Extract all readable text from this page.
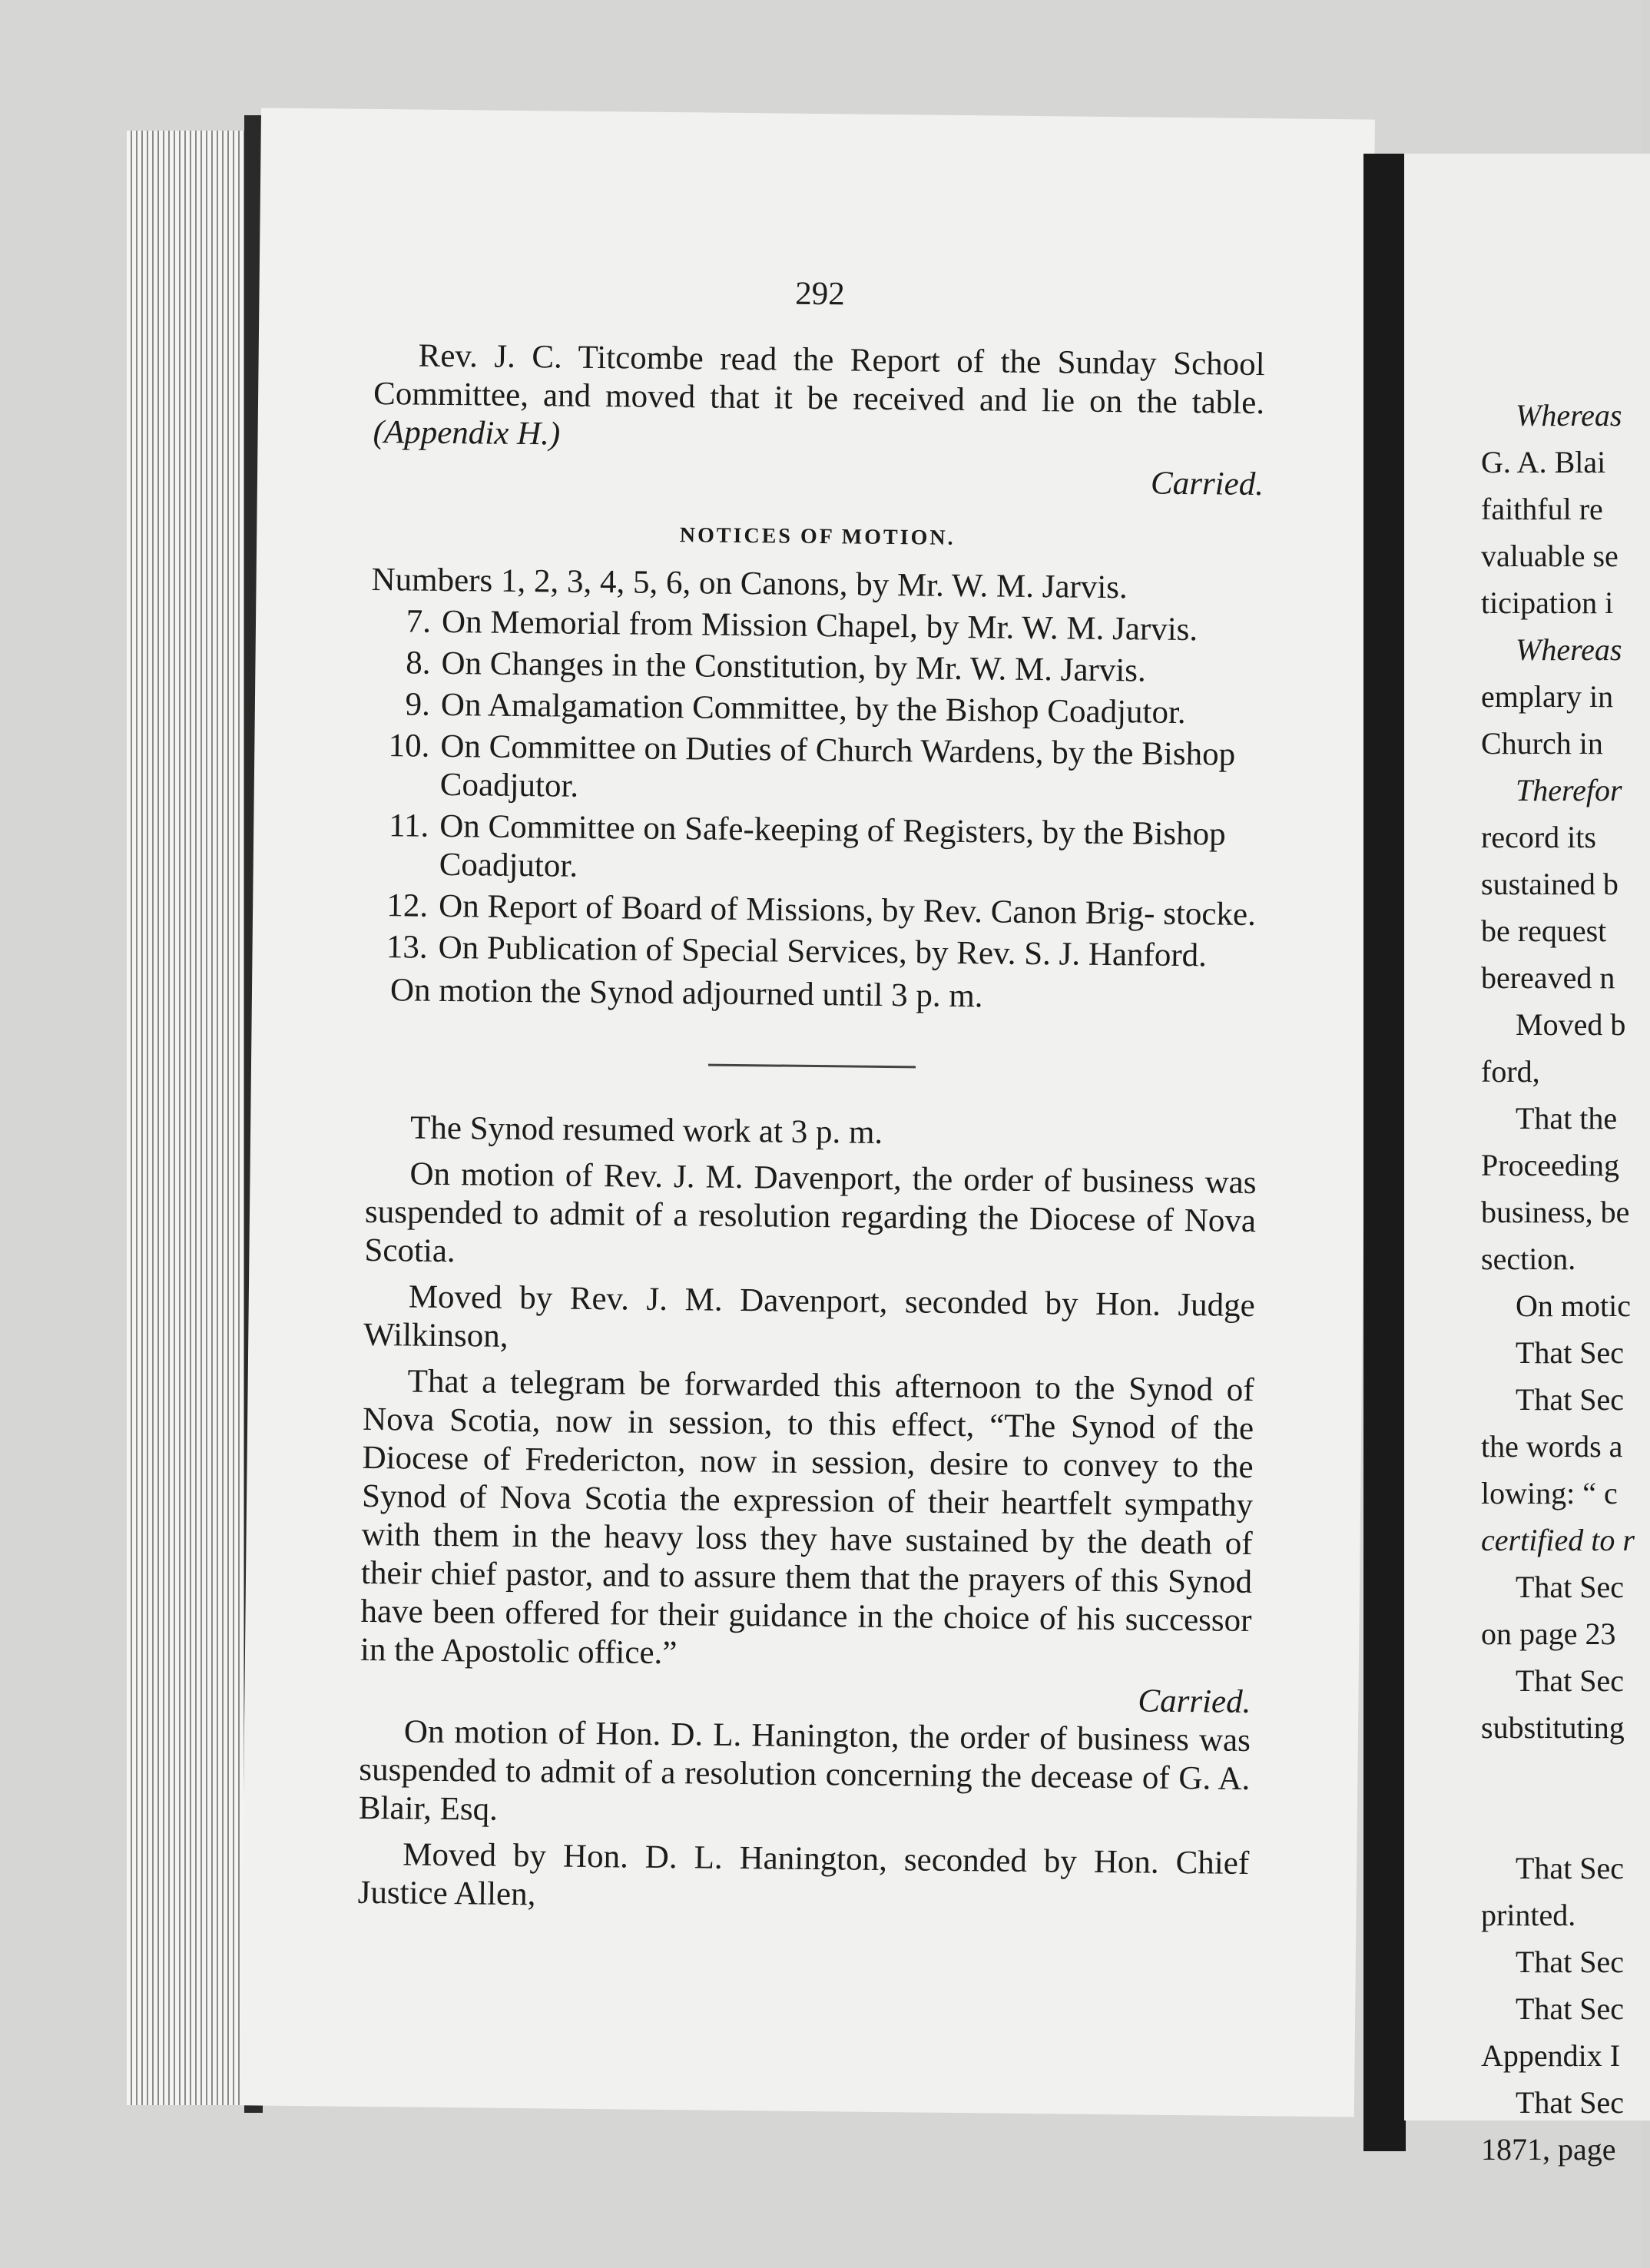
292

Rev. J. C. Titcombe read the Report of the Sunday School Committee, and moved that it be received and lie on the table. (Appendix H.)

Carried.
NOTICES OF MOTION.
Numbers 1, 2, 3, 4, 5, 6, on Canons, by Mr. W. M. Jarvis.
7. On Memorial from Mission Chapel, by Mr. W. M. Jarvis.
8. On Changes in the Constitution, by Mr. W. M. Jarvis.
9. On Amalgamation Committee, by the Bishop Coadjutor.
10. On Committee on Duties of Church Wardens, by the Bishop Coadjutor.
11. On Committee on Safe-keeping of Registers, by the Bishop Coadjutor.
12. On Report of Board of Missions, by Rev. Canon Brig- stocke.
13. On Publication of Special Services, by Rev. S. J. Hanford.
On motion the Synod adjourned until 3 p. m.

The Synod resumed work at 3 p. m.

On motion of Rev. J. M. Davenport, the order of business was suspended to admit of a resolution regarding the Diocese of Nova Scotia.

Moved by Rev. J. M. Davenport, seconded by Hon. Judge Wilkinson,

That a telegram be forwarded this afternoon to the Synod of Nova Scotia, now in session, to this effect, “The Synod of the Diocese of Fredericton, now in session, desire to convey to the Synod of Nova Scotia the expression of their heartfelt sympathy with them in the heavy loss they have sustained by the death of their chief pastor, and to assure them that the prayers of this Synod have been offered for their guidance in the choice of his successor in the Apostolic office.”

Carried.

On motion of Hon. D. L. Hanington, the order of business was suspended to admit of a resolution concerning the decease of G. A. Blair, Esq.

Moved by Hon. D. L. Hanington, seconded by Hon. Chief Justice Allen,

Whereas
G. A. Blai
faithful re
valuable se
ticipation i
Whereas
emplary in
Church in
Therefor
record its
sustained b
be request
bereaved n
Moved b
ford,
That the
Proceeding
business, be
section.
On motic
That Sec
That Sec
the words a
lowing: “ c
certified to r
That Sec
on page 23
That Sec
substituting
That Sec
printed.
That Sec
That Sec
Appendix I
That Sec
1871, page
